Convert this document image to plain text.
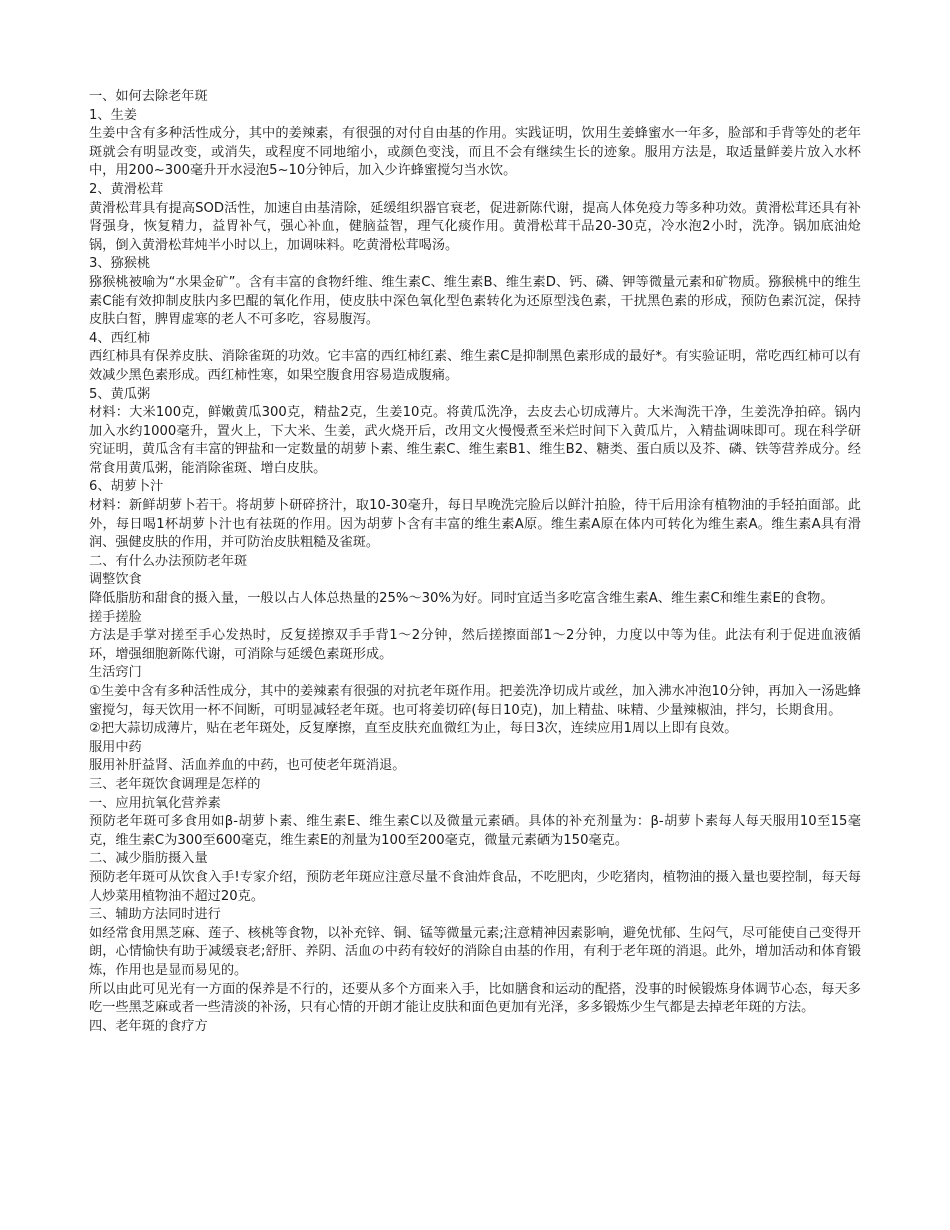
一、如何去除老年斑
1、生姜
生姜中含有多种活性成分，其中的姜辣素，有很强的对付自由基的作用。实践证明，饮用生姜蜂蜜水一年多，脸部和手背等处的老年斑就会有明显改变，或消失，或程度不同地缩小，或颜色变浅，而且不会有继续生长的迹象。服用方法是，取适量鲜姜片放入水杯中，用200~300毫升开水浸泡5~10分钟后，加入少许蜂蜜搅匀当水饮。
2、黄滑松茸
黄滑松茸具有提高SOD活性，加速自由基清除，延缓组织器官衰老，促进新陈代谢，提高人体免疫力等多种功效。黄滑松茸还具有补肾强身，恢复精力，益胃补气，强心补血，健脑益智，理气化痰作用。黄滑松茸干品20-30克，冷水泡2小时，洗净。锅加底油炝锅，倒入黄滑松茸炖半小时以上，加调味料。吃黄滑松茸喝汤。
3、猕猴桃
猕猴桃被喻为“水果金矿”。含有丰富的食物纤维、维生素C、维生素B、维生素D、钙、磷、钾等微量元素和矿物质。猕猴桃中的维生素C能有效抑制皮肤内多巴醌的氧化作用，使皮肤中深色氧化型色素转化为还原型浅色素，干扰黑色素的形成，预防色素沉淀，保持皮肤白皙，脾胃虚寒的老人不可多吃，容易腹泻。
4、西红柿
西红柿具有保养皮肤、消除雀斑的功效。它丰富的西红柿红素、维生素C是抑制黑色素形成的最好*。有实验证明，常吃西红柿可以有效减少黑色素形成。西红柿性寒，如果空腹食用容易造成腹痛。
5、黄瓜粥
材料：大米100克，鲜嫩黄瓜300克，精盐2克，生姜10克。将黄瓜洗净，去皮去心切成薄片。大米淘洗干净，生姜洗净拍碎。锅内加入水约1000毫升，置火上，下大米、生姜，武火烧开后，改用文火慢慢煮至米烂时间下入黄瓜片，入精盐调味即可。现在科学研究证明，黄瓜含有丰富的钾盐和一定数量的胡萝卜素、维生素C、维生素B1、维生B2、糖类、蛋白质以及芥、磷、铁等营养成分。经常食用黄瓜粥，能消除雀斑、增白皮肤。
6、胡萝卜汁
材料：新鲜胡萝卜若干。将胡萝卜研碎挤汁，取10-30毫升，每日早晚洗完脸后以鲜汁拍脸，待干后用涂有植物油的手轻拍面部。此外，每日喝1杯胡萝卜汁也有祛斑的作用。因为胡萝卜含有丰富的维生素A原。维生素A原在体内可转化为维生素A。维生素A具有滑润、强健皮肤的作用，并可防治皮肤粗糙及雀斑。
二、有什么办法预防老年斑
调整饮食
降低脂肪和甜食的摄入量，一般以占人体总热量的25%～30%为好。同时宜适当多吃富含维生素A、维生素C和维生素E的食物。
搓手搓脸
方法是手掌对搓至手心发热时，反复搓擦双手手背1～2分钟，然后搓擦面部1～2分钟，力度以中等为佳。此法有利于促进血液循环，增强细胞新陈代谢，可消除与延缓色素斑形成。
生活窍门
①生姜中含有多种活性成分，其中的姜辣素有很强的对抗老年斑作用。把姜洗净切成片或丝，加入沸水冲泡10分钟，再加入一汤匙蜂蜜搅匀，每天饮用一杯不间断，可明显减轻老年斑。也可将姜切碎(每日10克)，加上精盐、味精、少量辣椒油，拌匀，长期食用。
②把大蒜切成薄片，贴在老年斑处，反复摩擦，直至皮肤充血微红为止，每日3次，连续应用1周以上即有良效。
服用中药
服用补肝益肾、活血养血的中药，也可使老年斑消退。
三、老年斑饮食调理是怎样的
一、应用抗氧化营养素
预防老年斑可多食用如β-胡萝卜素、维生素E、维生素C以及微量元素硒。具体的补充剂量为：β-胡萝卜素每人每天服用10至15毫克，维生素C为300至600毫克，维生素E的剂量为100至200毫克，微量元素硒为150毫克。
二、减少脂肪摄入量
预防老年斑可从饮食入手!专家介绍，预防老年斑应注意尽量不食油炸食品，不吃肥肉，少吃猪肉，植物油的摄入量也要控制，每天每人炒菜用植物油不超过20克。
三、辅助方法同时进行
如经常食用黑芝麻、莲子、核桃等食物，以补充锌、铜、锰等微量元素;注意精神因素影响，避免忧郁、生闷气，尽可能使自己变得开朗，心情愉快有助于减缓衰老;舒肝、养阴、活血の中药有较好的消除自由基的作用，有利于老年斑的消退。此外，增加活动和体育锻炼，作用也是显而易见的。
所以由此可见光有一方面的保养是不行的，还要从多个方面来入手，比如膳食和运动的配搭，没事的时候锻炼身体调节心态，每天多吃一些黑芝麻或者一些清淡的补汤，只有心情的开朗才能让皮肤和面色更加有光泽，多多锻炼少生气都是去掉老年斑的方法。
四、老年斑的食疗方
